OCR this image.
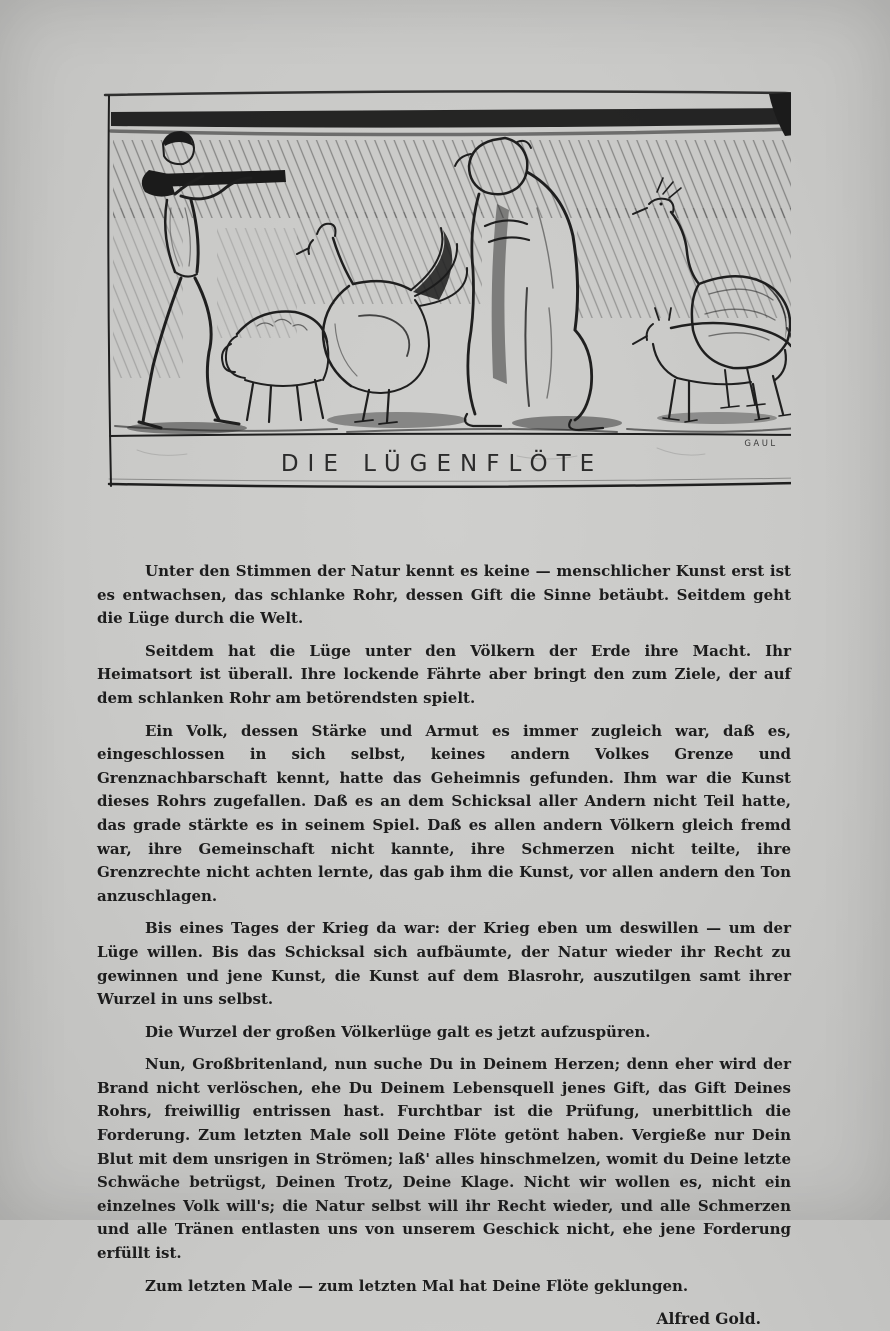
DIE LÜGENFLÖTE
GAUL

Unter den Stimmen der Natur kennt es keine — menschlicher Kunst erst ist es entwachsen, das schlanke Rohr, dessen Gift die Sinne betäubt. Seitdem geht die Lüge durch die Welt.

Seitdem hat die Lüge unter den Völkern der Erde ihre Macht. Ihr Heimatsort ist überall. Ihre lockende Fährte aber bringt den zum Ziele, der auf dem schlanken Rohr am betörendsten spielt.

Ein Volk, dessen Stärke und Armut es immer zugleich war, daß es, eingeschlossen in sich selbst, keines andern Volkes Grenze und Grenznachbarschaft kennt, hatte das Geheimnis gefunden. Ihm war die Kunst dieses Rohrs zugefallen. Daß es an dem Schicksal aller Andern nicht Teil hatte, das grade stärkte es in seinem Spiel. Daß es allen andern Völkern gleich fremd war, ihre Gemeinschaft nicht kannte, ihre Schmerzen nicht teilte, ihre Grenzrechte nicht achten lernte, das gab ihm die Kunst, vor allen andern den Ton anzuschlagen.

Bis eines Tages der Krieg da war: der Krieg eben um deswillen — um der Lüge willen. Bis das Schicksal sich aufbäumte, der Natur wieder ihr Recht zu gewinnen und jene Kunst, die Kunst auf dem Blasrohr, auszutilgen samt ihrer Wurzel in uns selbst.

Die Wurzel der großen Völkerlüge galt es jetzt aufzuspüren.

Nun, Großbritenland, nun suche Du in Deinem Herzen; denn eher wird der Brand nicht verlöschen, ehe Du Deinem Lebensquell jenes Gift, das Gift Deines Rohrs, freiwillig entrissen hast. Furchtbar ist die Prüfung, unerbittlich die Forderung. Zum letzten Male soll Deine Flöte getönt haben. Vergieße nur Dein Blut mit dem unsrigen in Strömen; laß' alles hinschmelzen, womit du Deine letzte Schwäche betrügst, Deinen Trotz, Deine Klage. Nicht wir wollen es, nicht ein einzelnes Volk will's; die Natur selbst will ihr Recht wieder, und alle Schmerzen und alle Tränen entlasten uns von unserem Geschick nicht, ehe jene Forderung erfüllt ist.

Zum letzten Male — zum letzten Mal hat Deine Flöte geklungen.

Alfred Gold.
